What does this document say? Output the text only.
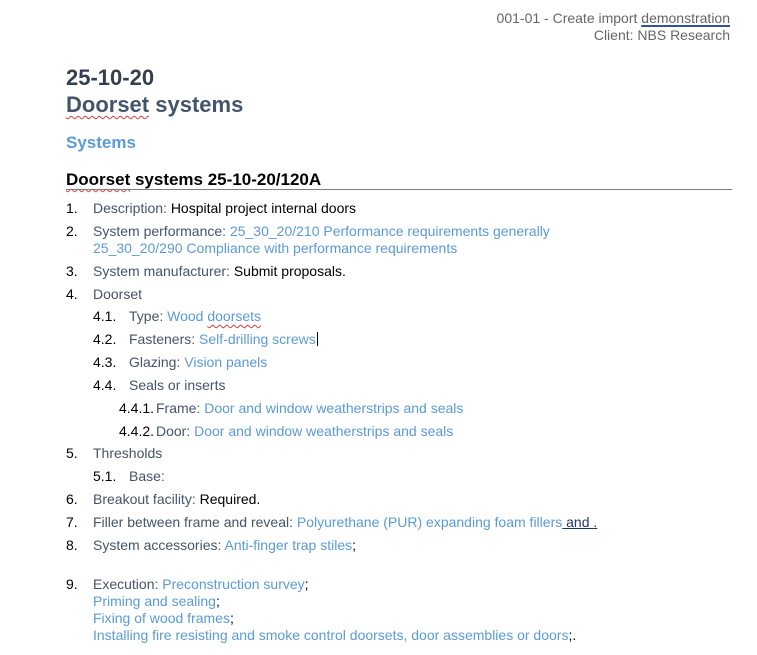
001-01 - Create import demonstration
Client: NBS Research
25-10-20
Doorset systems
Systems
Doorset systems 25-10-20/120A
1. Description: Hospital project internal doors
2. System performance: 25_30_20/210 Performance requirements generally
25_30_20/290 Compliance with performance requirements
3. System manufacturer: Submit proposals.
4. Doorset
4.1. Type: Wood doorsets
4.2. Fasteners: Self-drilling screws
4.3. Glazing: Vision panels
4.4. Seals or inserts
4.4.1. Frame: Door and window weatherstrips and seals
4.4.2. Door: Door and window weatherstrips and seals
5. Thresholds
5.1. Base:
6. Breakout facility: Required.
7. Filler between frame and reveal: Polyurethane (PUR) expanding foam fillers and .
8. System accessories: Anti-finger trap stiles;
9. Execution: Preconstruction survey;
Priming and sealing;
Fixing of wood frames;
Installing fire resisting and smoke control doorsets, door assemblies or doors;.
